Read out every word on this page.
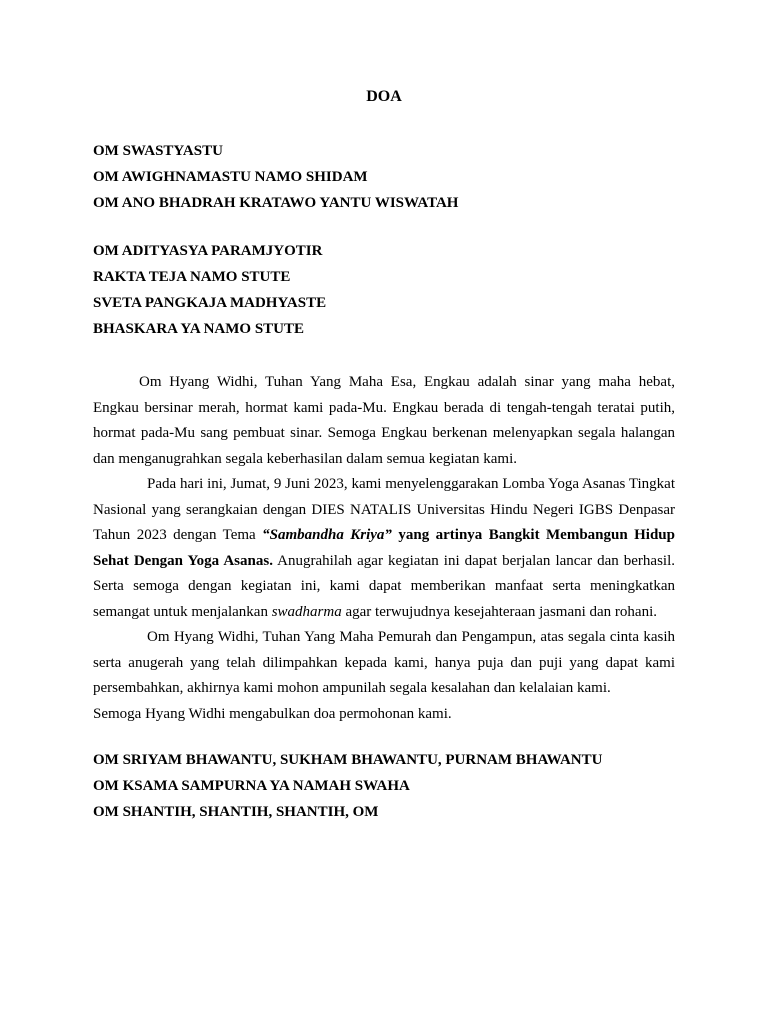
DOA
OM SWASTYASTU
OM AWIGHNAMASTU NAMO SHIDAM
OM ANO BHADRAH KRATAWO YANTU WISWATAH
OM ADITYASYA PARAMJYOTIR
RAKTA TEJA NAMO STUTE
SVETA PANGKAJA MADHYASTE
BHASKARA YA NAMO STUTE

Om Hyang Widhi, Tuhan Yang Maha Esa, Engkau adalah sinar yang maha hebat, Engkau bersinar merah, hormat kami pada-Mu. Engkau berada di tengah-tengah teratai putih, hormat pada-Mu sang pembuat sinar. Semoga Engkau berkenan melenyapkan segala halangan dan menganugrahkan segala keberhasilan dalam semua kegiatan kami.

Pada hari ini, Jumat, 9 Juni 2023, kami menyelenggarakan Lomba Yoga Asanas Tingkat Nasional yang serangkaian dengan DIES NATALIS Universitas Hindu Negeri IGBS Denpasar Tahun 2023 dengan Tema “Sambandha Kriya” yang artinya Bangkit Membangun Hidup Sehat Dengan Yoga Asanas. Anugrahilah agar kegiatan ini dapat berjalan lancar dan berhasil. Serta semoga dengan kegiatan ini, kami dapat memberikan manfaat serta meningkatkan semangat untuk menjalankan swadharma agar terwujudnya kesejahteraan jasmani dan rohani.

Om Hyang Widhi, Tuhan Yang Maha Pemurah dan Pengampun, atas segala cinta kasih serta anugerah yang telah dilimpahkan kepada kami, hanya puja dan puji yang dapat kami persembahkan, akhirnya kami mohon ampunilah segala kesalahan dan kelalaian kami.

Semoga Hyang Widhi mengabulkan doa permohonan kami.
OM SRIYAM BHAWANTU, SUKHAM BHAWANTU, PURNAM BHAWANTU
OM KSAMA SAMPURNA YA NAMAH SWAHA
OM SHANTIH, SHANTIH, SHANTIH, OM
